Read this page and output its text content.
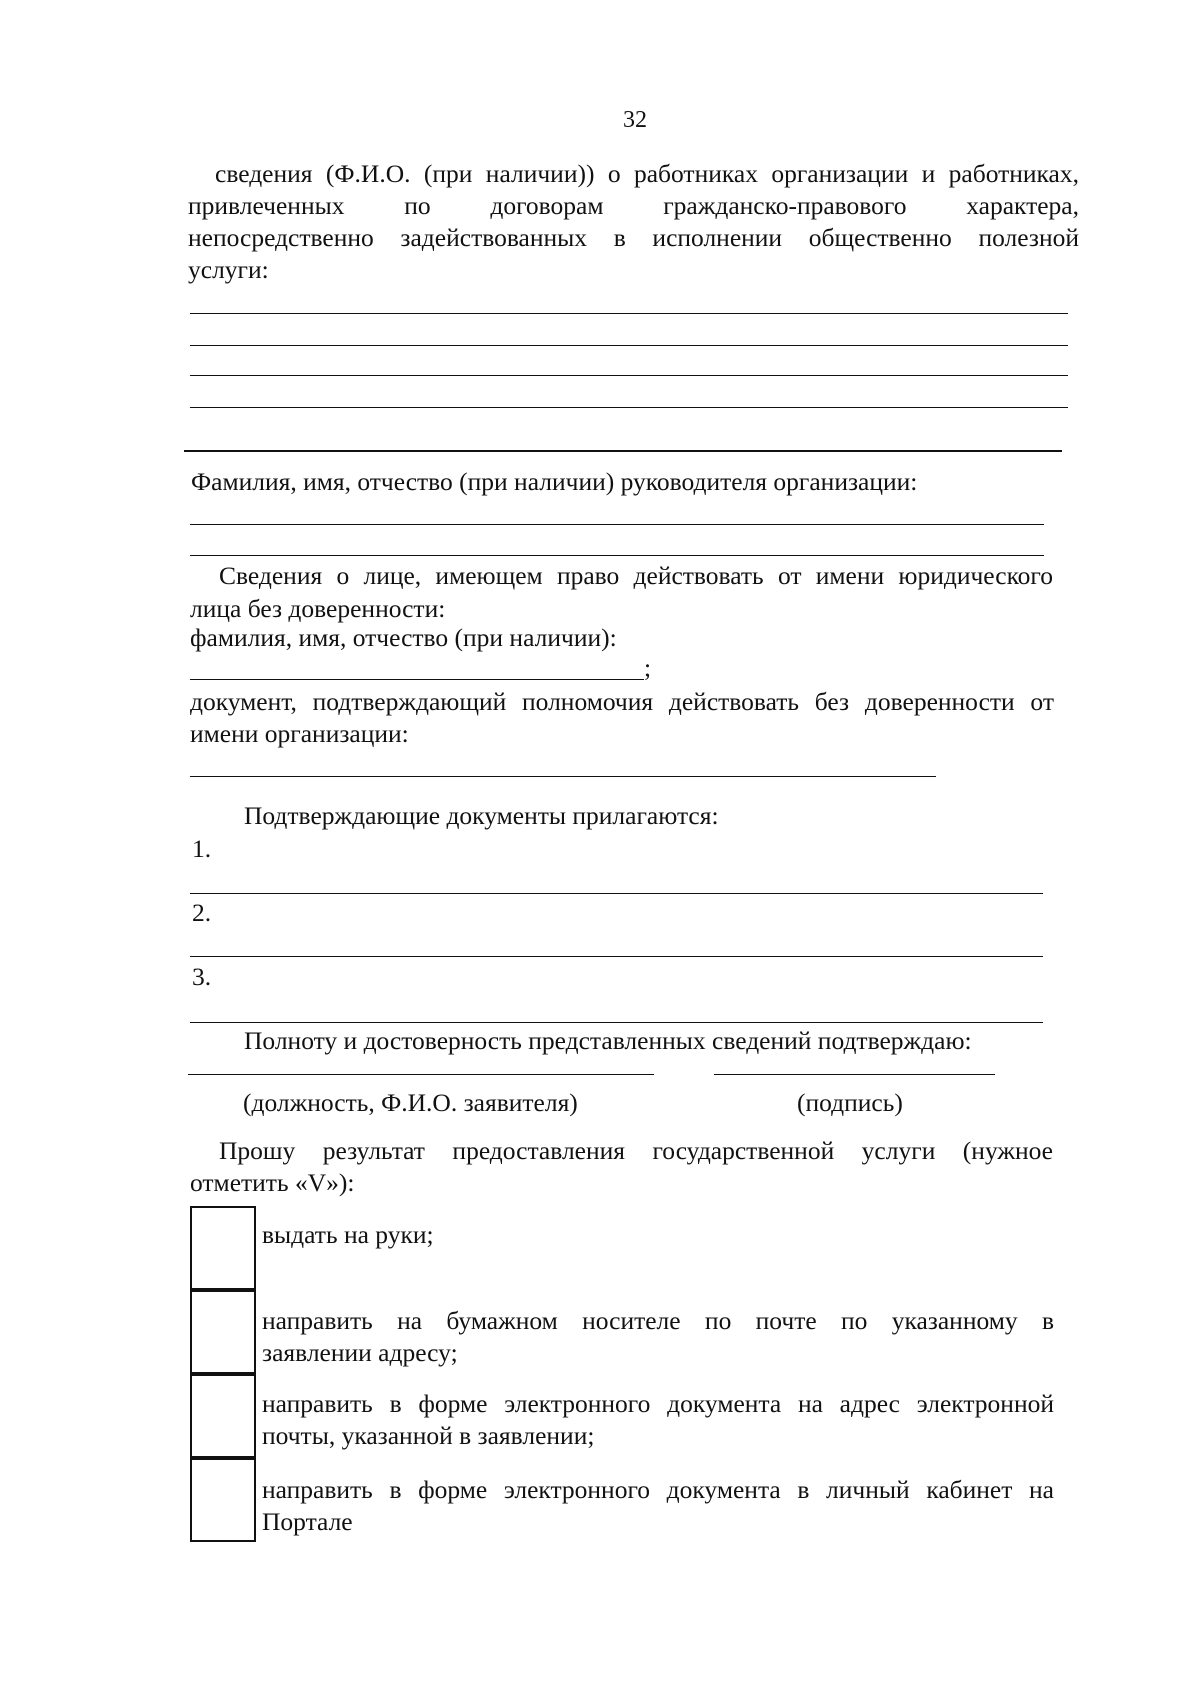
32
сведения (Ф.И.О. (при наличии)) о работниках организации и работниках,
привлеченных по договорам гражданско-правового характера,
непосредственно задействованных в исполнении общественно полезной
услуги:
Фамилия, имя, отчество (при наличии) руководителя организации:
Сведения о лице, имеющем право действовать от имени юридического
лица без доверенности:
фамилия, имя, отчество (при наличии):
;
документ, подтверждающий полномочия действовать без доверенности от
имени организации:
Подтверждающие документы прилагаются:
1.
2.
3.
Полноту и достоверность представленных сведений подтверждаю:
(должность, Ф.И.О. заявителя)	(подпись)
Прошу результат предоставления государственной услуги (нужное
отметить «V»):
выдать на руки;
направить на бумажном носителе по почте по указанному в
заявлении адресу;
направить в форме электронного документа на адрес электронной
почты, указанной в заявлении;
направить в форме электронного документа в личный кабинет на
Портале
